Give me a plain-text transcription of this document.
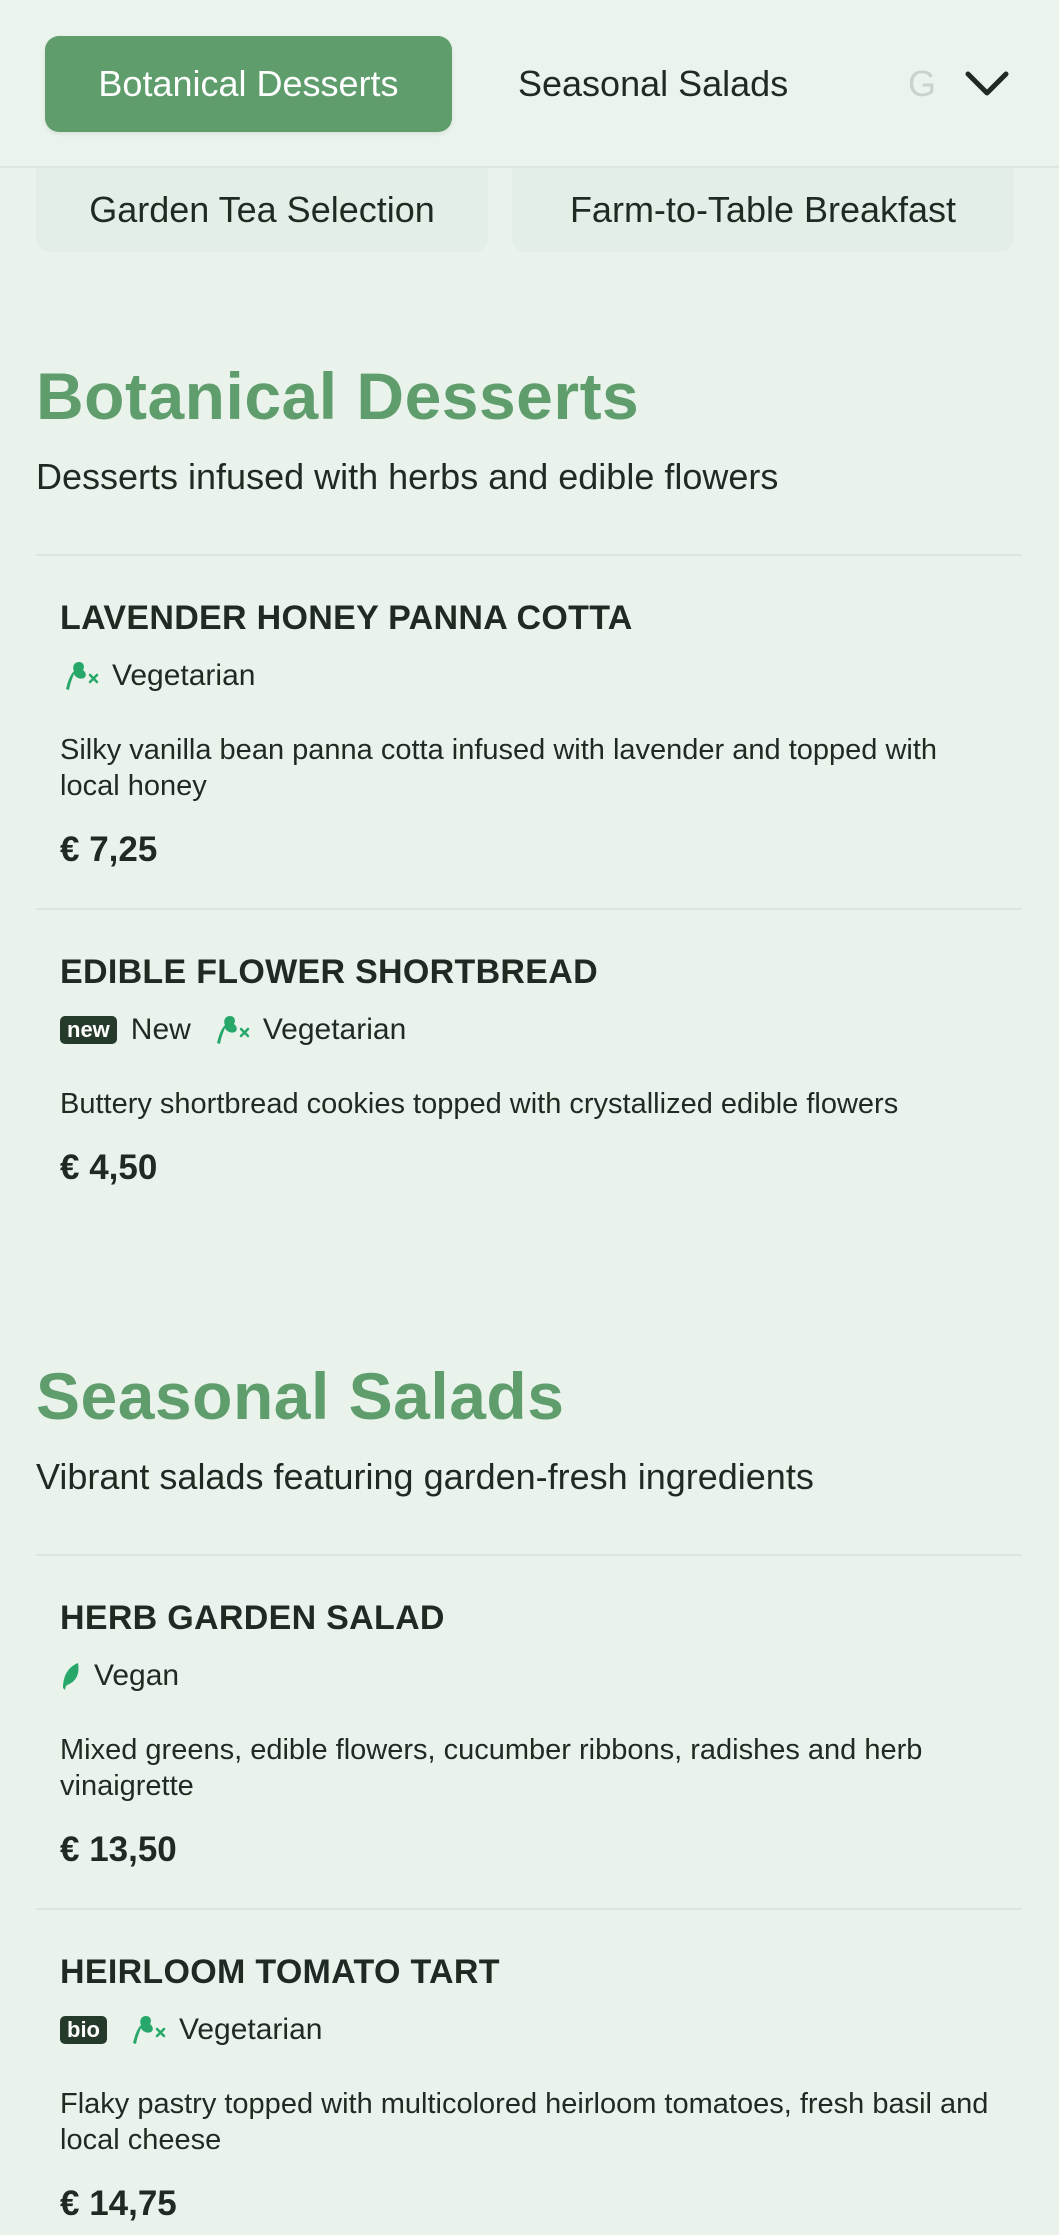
Botanical Desserts	Seasonal Salads	G
Garden Tea Selection	Farm-to-Table Breakfast
Botanical Desserts
Desserts infused with herbs and edible flowers
LAVENDER HONEY PANNA COTTA
Vegetarian
Silky vanilla bean panna cotta infused with lavender and topped with local honey
€ 7,25
EDIBLE FLOWER SHORTBREAD
new New Vegetarian
Buttery shortbread cookies topped with crystallized edible flowers
€ 4,50
Seasonal Salads
Vibrant salads featuring garden-fresh ingredients
HERB GARDEN SALAD
Vegan
Mixed greens, edible flowers, cucumber ribbons, radishes and herb vinaigrette
€ 13,50
HEIRLOOM TOMATO TART
bio	Vegetarian
Flaky pastry topped with multicolored heirloom tomatoes, fresh basil and local cheese
€ 14,75
